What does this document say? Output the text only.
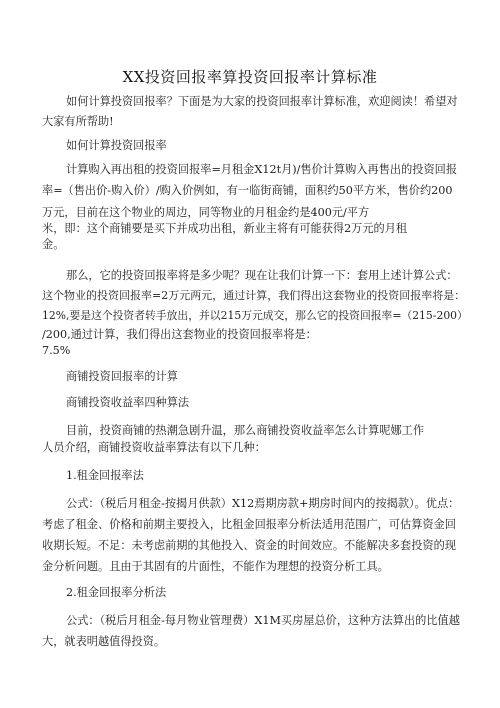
XX投资回报率算投资回报率计算标准
如何计算投资回报率？下面是为大家的投资回报率计算标准，欢迎阅读！希望对
大家有所帮助!
如何计算投资回报率
计算购入再出租的投资回报率=月租金X12t月)/售价计算购入再售出的投资回报
率=（售出价-购入价）/购入价例如，有一临街商铺，面积约50平方米，售价约200
万元，目前在这个物业的周边，同等物业的月租金约是400元/平方
米，即：这个商铺要是买下并成功出租，新业主将有可能获得2万元的月租
金。
那么，它的投资回报率将是多少呢？现在让我们计算一下：套用上述计算公式：
这个物业的投资回报率=2万元两元，通过计算，我们得出这套物业的投资回报率将是：
12%,要是这个投资者转手放出，并以215万元成交，那么它的投资回报率=（215-200）
/200,通过计算，我们得出这套物业的投资回报率将是：
7.5%
商铺投资回报率的计算
商铺投资收益率四种算法
目前，投资商铺的热潮急剧升温，那么商铺投资收益率怎么计算呢娜工作
人员介绍，商铺投资收益率算法有以下几种：
1.租金回报率法
公式：（税后月租金-按揭月供款）X12焉期房款+期房时间内的按揭款）。优点：
考虑了租金、价格和前期主要投入，比租金回报率分析法适用范围广，可估算资金回
收期长短。不足：未考虑前期的其他投入、资金的时间效应。不能解决多套投资的现
金分析问题。且由于其固有的片面性，不能作为理想的投资分析工具。
2.租金回报率分析法
公式：（税后月租金-每月物业管理费）X1M买房屋总价，这种方法算出的比值越
大，就表明越值得投资。
